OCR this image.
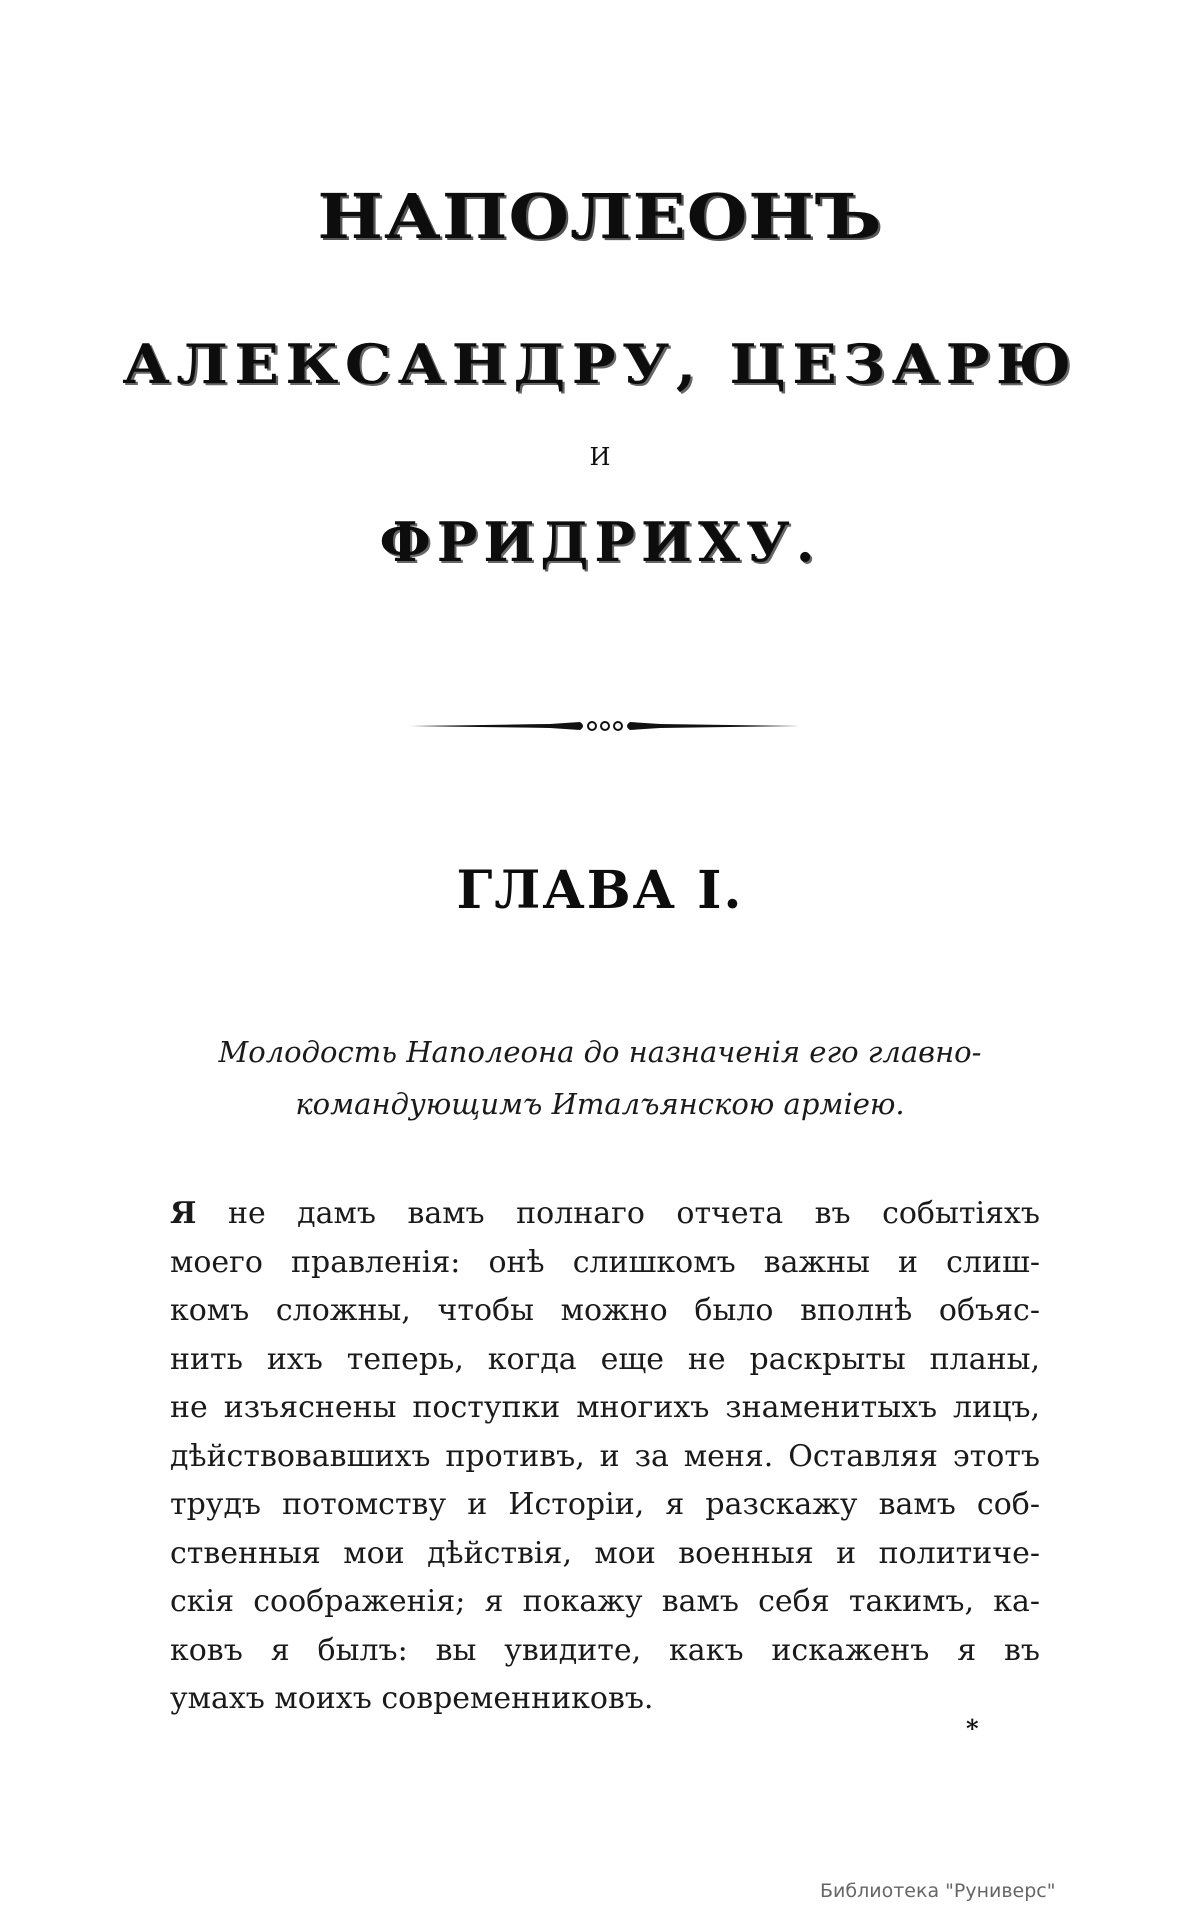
НАПОЛЕОНЪ
АЛЕКСАНДРУ, ЦЕЗАРЮ
И
ФРИДРИХУ.
ГЛАВА I.
Молодость Наполеона до назначенія его главно-
командующимъ Италъянскою арміею.
Я не дамъ вамъ полнаго отчета въ событіяхъ
моего правленія: онѣ слишкомъ важны и слиш-
комъ сложны, чтобы можно было вполнѣ объяс-
нить ихъ теперь, когда еще не раскрыты планы,
не изъяснены поступки многихъ знаменитыхъ лицъ,
дѣйствовавшихъ противъ, и за меня. Оставляя этотъ
трудъ потомству и Исторіи, я разскажу вамъ соб-
ственныя мои дѣйствія, мои военныя и политиче-
скія соображенія; я покажу вамъ себя такимъ, ка-
ковъ я былъ: вы увидите, какъ искаженъ я въ
умахъ моихъ современниковъ.
*
Библиотека "Руниверс"
